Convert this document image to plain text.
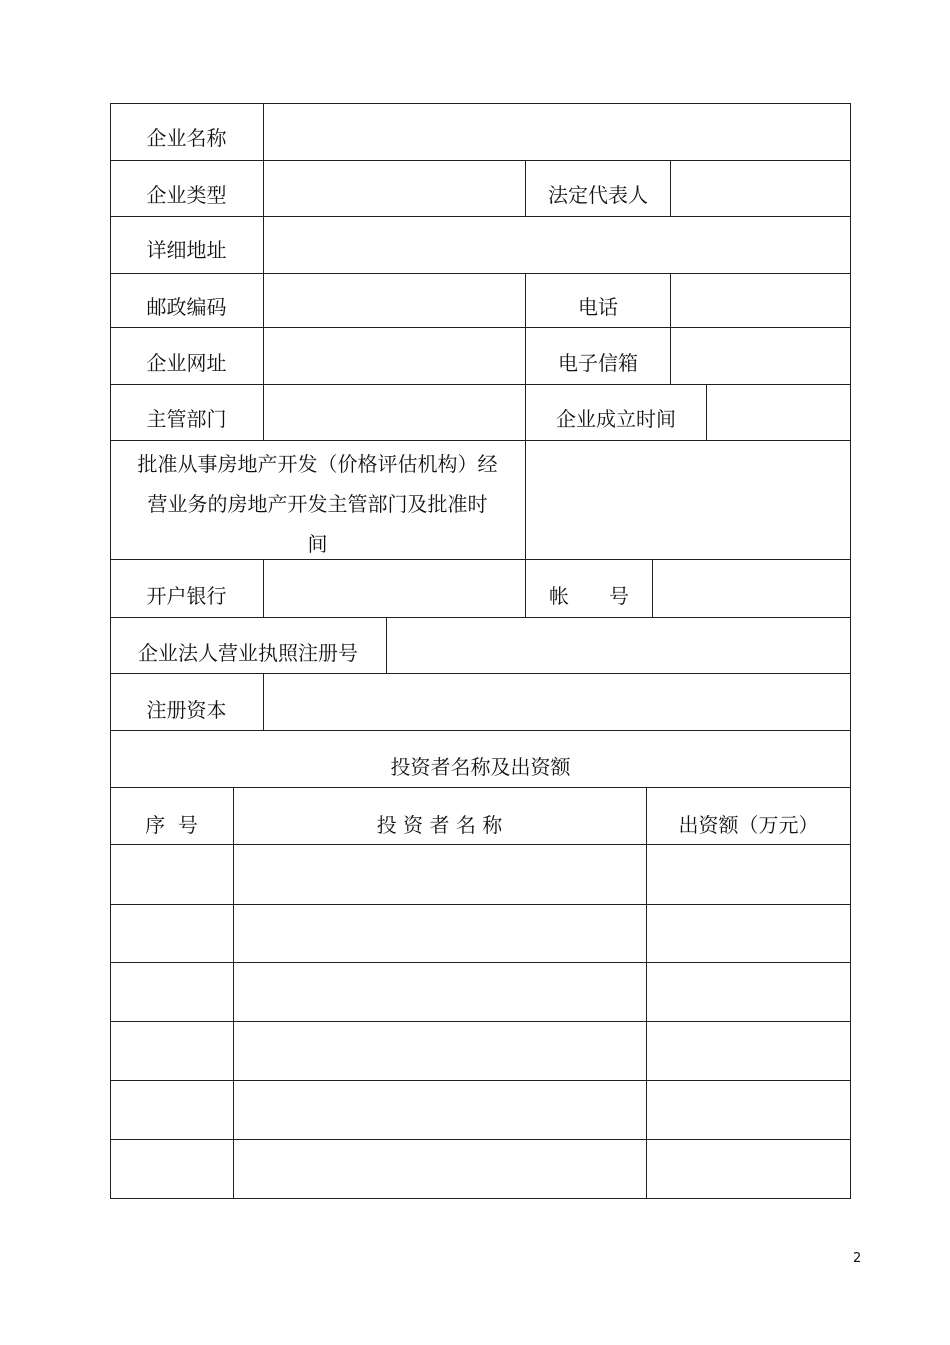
企业名称
企业类型	法定代表人
详细地址
邮政编码	电话
企业网址	电子信箱
主管部门	企业成立时间
批准从事房地产开发（价格评估机构）经
营业务的房地产开发主管部门及批准时
间
开户银行	帐　　号
企业法人营业执照注册号
注册资本
投资者名称及出资额
序  号	投 资 者 名 称	出资额（万元）
2
